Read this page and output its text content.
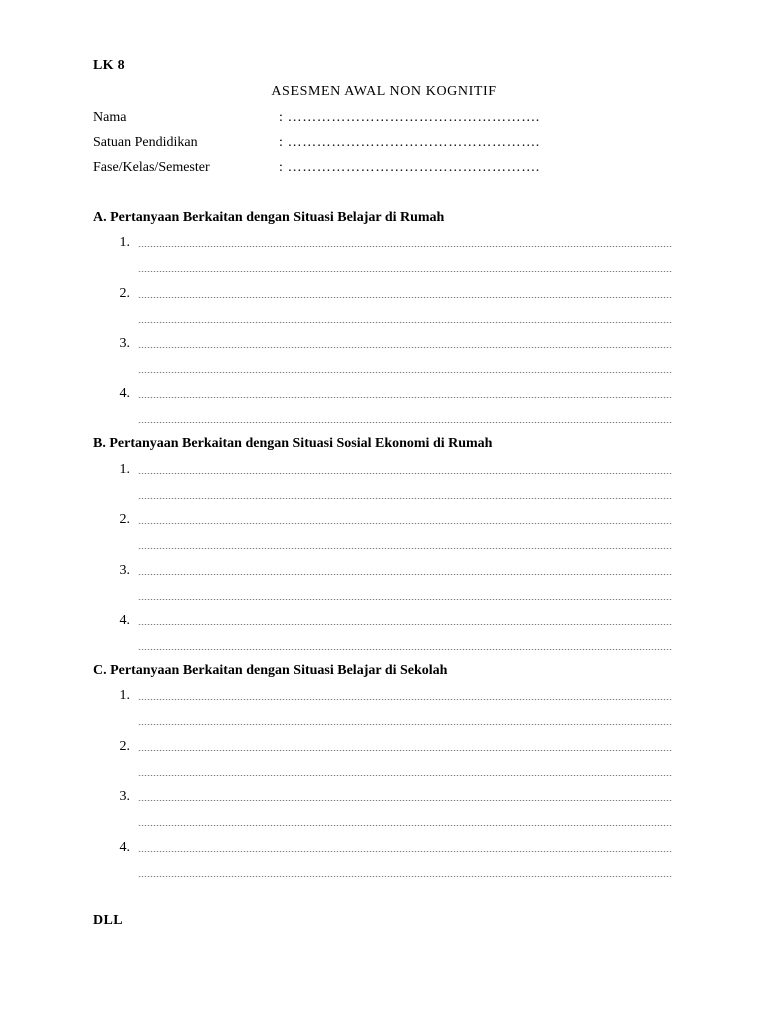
LK 8
ASESMEN AWAL NON KOGNITIF
Nama	: …………………………………………….
Satuan Pendidikan	: …………………………………………….
Fase/Kelas/Semester	: …………………………………………….
A. Pertanyaan Berkaitan dengan Situasi Belajar di Rumah
1.
2.
3.
4.
B. Pertanyaan Berkaitan dengan Situasi Sosial Ekonomi di Rumah
1.
2.
3.
4.
C. Pertanyaan Berkaitan dengan Situasi Belajar di Sekolah
1.
2.
3.
4.
DLL
